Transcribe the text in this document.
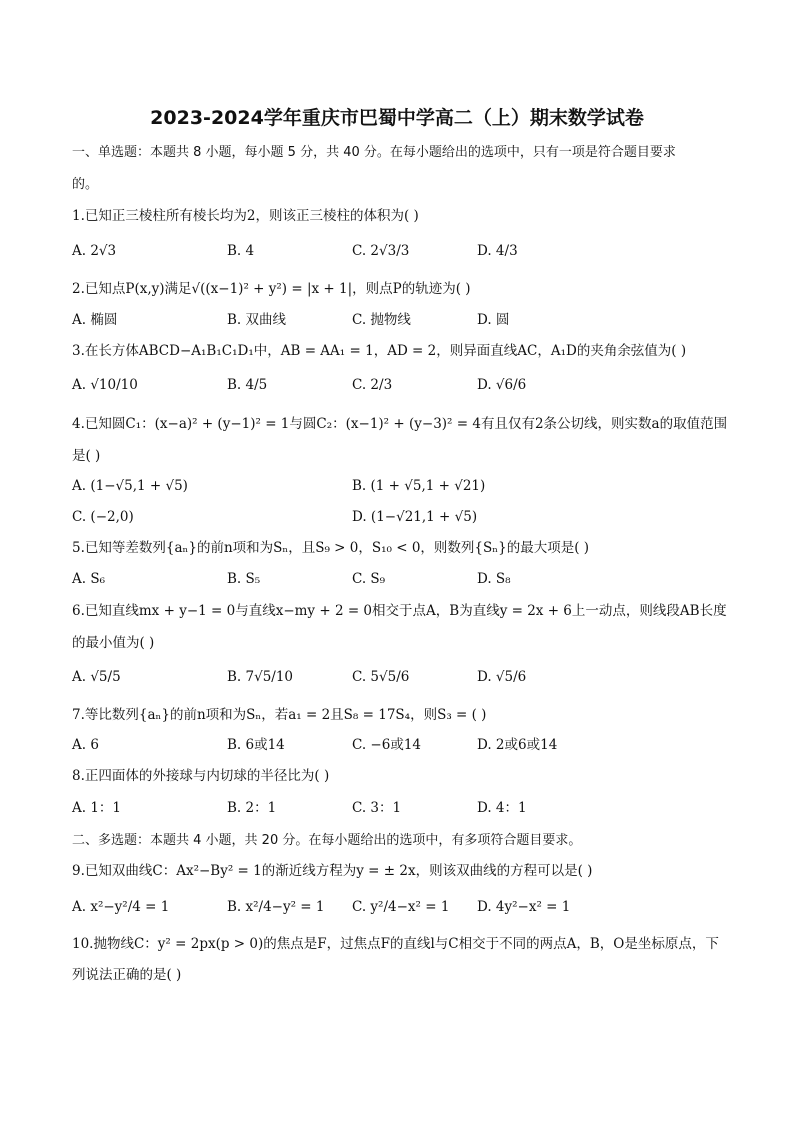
2023-2024学年重庆市巴蜀中学高二（上）期末数学试卷
一、单选题：本题共 8 小题，每小题 5 分，共 40 分。在每小题给出的选项中，只有一项是符合题目要求
的。
1.已知正三棱柱所有棱长均为2，则该正三棱柱的体积为( )
A. 2√3	B. 4	C. 2√3/3	D. 4/3
2.已知点P(x,y)满足√((x−1)² + y²) = |x + 1|，则点P的轨迹为( )
A. 椭圆	B. 双曲线	C. 抛物线	D. 圆
3.在长方体ABCD−A₁B₁C₁D₁中，AB = AA₁ = 1，AD = 2，则异面直线AC，A₁D的夹角余弦值为( )
A. √10/10	B. 4/5	C. 2/3	D. √6/6
4.已知圆C₁：(x−a)² + (y−1)² = 1与圆C₂：(x−1)² + (y−3)² = 4有且仅有2条公切线，则实数a的取值范围
是( )
A. (1−√5,1 + √5)	B. (1 + √5,1 + √21)
C. (−2,0)	D. (1−√21,1 + √5)
5.已知等差数列{aₙ}的前n项和为Sₙ，且S₉ > 0，S₁₀ < 0，则数列{Sₙ}的最大项是( )
A. S₆	B. S₅	C. S₉	D. S₈
6.已知直线mx + y−1 = 0与直线x−my + 2 = 0相交于点A，B为直线y = 2x + 6上一动点，则线段AB长度
的最小值为( )
A. √5/5	B. 7√5/10	C. 5√5/6	D. √5/6
7.等比数列{aₙ}的前n项和为Sₙ，若a₁ = 2且S₈ = 17S₄，则S₃ = ( )
A. 6	B. 6或14	C. −6或14	D. 2或6或14
8.正四面体的外接球与内切球的半径比为( )
A. 1：1	B. 2：1	C. 3：1	D. 4：1
二、多选题：本题共 4 小题，共 20 分。在每小题给出的选项中，有多项符合题目要求。
9.已知双曲线C：Ax²−By² = 1的渐近线方程为y = ± 2x，则该双曲线的方程可以是( )
A. x²−y²/4 = 1	B. x²/4−y² = 1 C. y²/4−x² = 1 D. 4y²−x² = 1
10.抛物线C：y² = 2px(p > 0)的焦点是F，过焦点F的直线l与C相交于不同的两点A，B，O是坐标原点，下
列说法正确的是( )
